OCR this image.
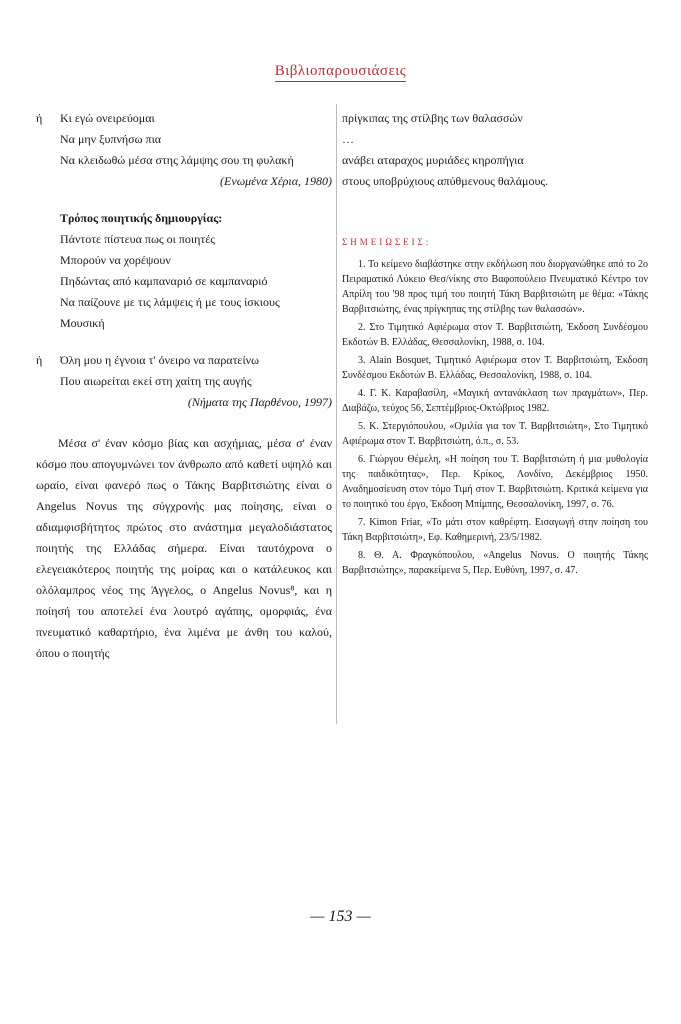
Βιβλιοπαρουσιάσεις
ή	Κι εγώ ονειρεύομαι
Να μην ξυπνήσω πια
Να κλειδωθώ μέσα στης λάμψης σου τη φυλακή
(Ενωμένα Χέρια, 1980)
Τρόπος ποιητικής δημιουργίας:
Πάντοτε πίστευα πως οι ποιητές
Μπορούν να χορέψουν
Πηδώντας από καμπαναριό σε καμπαναριό
Να παίζουνε με τις λάμψεις ή με τους ίσκιους
Μουσική
ή	Όλη μου η έγνοια τ' όνειρο να παρατείνω
Που αιωρείται εκεί στη χαίτη της αυγής
(Νήματα της Παρθένου, 1997)

Μέσα σ' έναν κόσμο βίας και ασχήμιας, μέσα σ' έναν κόσμο που απογυμνώνει τον άνθρωπο από καθετί υψηλό και ωραίο, είναι φανερό πως ο Τάκης Βαρβιτσιώτης είναι ο Angelus Novus της σύγχρονής μας ποίησης, είναι ο αδιαμφισβήτητος πρώτος στο ανάστημα μεγαλοδιάστατος ποιητής της Ελλάδας σήμερα. Είναι ταυτόχρονα ο ελεγειακότερος ποιητής της μοίρας και ο κατάλευκος και ολόλαμπρος νέος της Άγγελος, ο Angelus Novus⁸, και η ποίησή του αποτελεί ένα λουτρό αγάπης, ομορφιάς, ένα πνευματικό καθαρτήριο, ένα λιμένα με άνθη του καλού, όπου ο ποιητής

πρίγκιπας της στίλβης των θαλασσών
…
ανάβει αταραχος μυριάδες κηροπήγια
στους υποβρύχιους απύθμενους θαλάμους.
ΣΗΜΕΙΩΣΕΙΣ:

1. Το κείμενο διαβάστηκε στην εκδήλωση που διοργανώθηκε από το 2ο Πειραματικό Λύκειο Θεσ/νίκης στο Βαφοπούλειο Πνευματικό Κέντρο τον Απρίλη του '98 προς τιμή του ποιητή Τάκη Βαρβιτσιώτη με θέμα: «Τάκης Βαρβιτσιώτης, ένας πρίγκηπας της στίλβης των θαλασσών».

2. Στο Τιμητικό Αφιέρωμα στον Τ. Βαρβιτσιώτη, Έκδοση Συνδέσμου Εκδοτών Β. Ελλάδας, Θεσσαλονίκη, 1988, σ. 104.

3. Alain Bosquet, Τιμητικό Αφιέρωμα στον Τ. Βαρβιτσιώτη, Έκδοση Συνδέσμου Εκδοτών Β. Ελλάδας, Θεσσαλονίκη, 1988, σ. 104.

4. Γ. Κ. Καραβασίλη, «Μαγική αντανάκλαση των πραγμάτων», Περ. Διαβάζω, τεύχος 56, Σεπτέμβριος-Οκτώβριος 1982.

5. Κ. Στεργιόπουλου, «Ομιλία για τον Τ. Βαρβιτσιώτη», Στο Τιμητικό Αφιέρωμα στον Τ. Βαρβιτσιώτη, ό.π., σ. 53.

6. Γιώργου Θέμελη, «Η ποίηση του Τ. Βαρβιτσιώτη ή μια μυθολογία της παιδικότητας», Περ. Κρίκος, Λονδίνο, Δεκέμβριος 1950. Αναδημοσίευση στον τόμο Τιμή στον Τ. Βαρβιτσιώτη. Κριτικά κείμενα για το ποιητικό του έργο, Έκδοση Μπίμπης, Θεσσαλονίκη, 1997, σ. 76.

7. Kimon Friar, «Το μάτι στον καθρέφτη. Εισαγωγή στην ποίηση του Τάκη Βαρβιτσιώτη», Εφ. Καθημερινή, 23/5/1982.

8. Θ. Α. Φραγκόπουλου, «Angelus Novus. Ο ποιητής Τάκης Βαρβιτσιώτης», παρακείμενα 5, Περ. Ευθύνη, 1997, σ. 47.

— 153 —
